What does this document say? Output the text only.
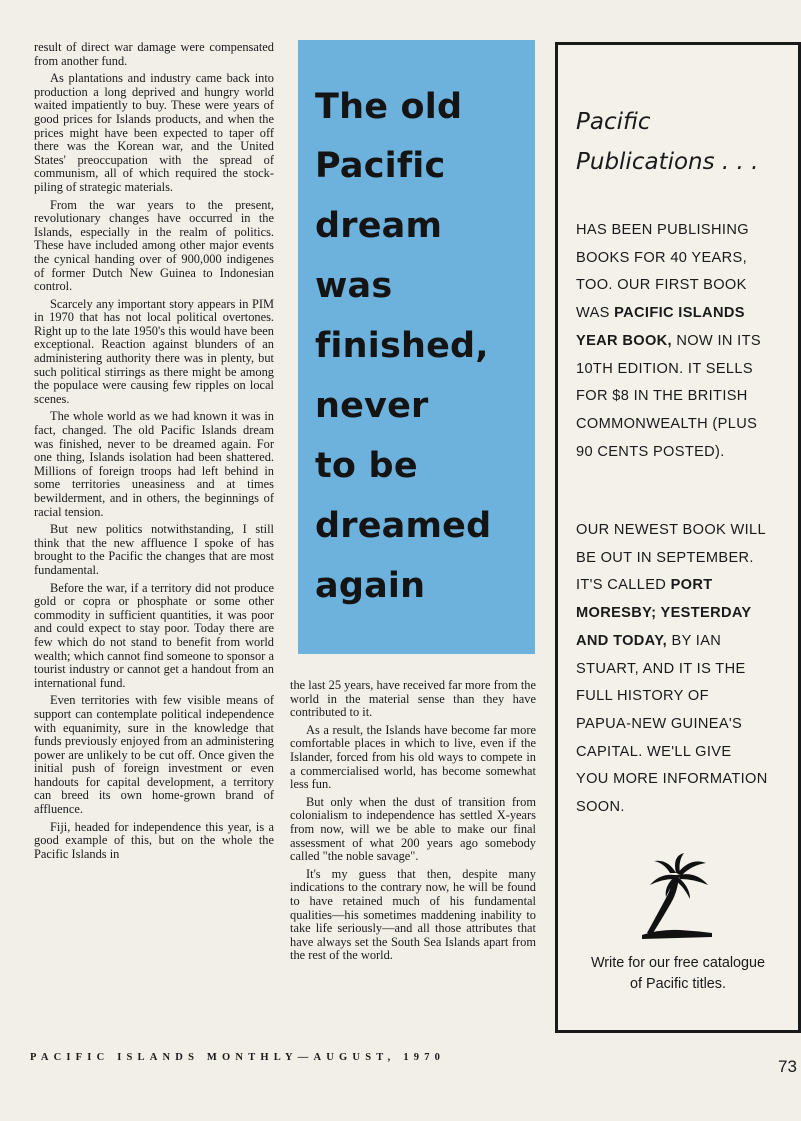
result of direct war damage were compensated from another fund.

As plantations and industry came back into production a long deprived and hungry world waited impatiently to buy. These were years of good prices for Islands products, and when the prices might have been expected to taper off there was the Korean war, and the United States' preoccupation with the spread of communism, all of which required the stock-piling of strategic materials.

From the war years to the present, revolutionary changes have occurred in the Islands, especially in the realm of politics. These have included among other major events the cynical handing over of 900,000 indigenes of former Dutch New Guinea to Indonesian control.

Scarcely any important story appears in PIM in 1970 that has not local political overtones. Right up to the late 1950's this would have been exceptional. Reaction against blunders of an administering authority there was in plenty, but such political stirrings as there might be among the populace were causing few ripples on local scenes.

The whole world as we had known it was in fact, changed. The old Pacific Islands dream was finished, never to be dreamed again. For one thing, Islands isolation had been shattered. Millions of foreign troops had left behind in some territories uneasiness and at times bewilderment, and in others, the beginnings of racial tension.

But new politics notwithstanding, I still think that the new affluence I spoke of has brought to the Pacific the changes that are most fundamental.

Before the war, if a territory did not produce gold or copra or phosphate or some other commodity in sufficient quantities, it was poor and could expect to stay poor. Today there are few which do not stand to benefit from world wealth; which cannot find someone to sponsor a tourist industry or cannot get a handout from an international fund.

Even territories with few visible means of support can contemplate political independence with equanimity, sure in the knowledge that funds previously enjoyed from an administering power are unlikely to be cut off. Once given the initial push of foreign investment or even handouts for capital development, a territory can breed its own home-grown brand of affluence.

Fiji, headed for independence this year, is a good example of this, but on the whole the Pacific Islands in

The old
Pacific
dream
was
finished,
never
to be
dreamed
again

the last 25 years, have received far more from the world in the material sense than they have contributed to it.

As a result, the Islands have become far more comfortable places in which to live, even if the Islander, forced from his old ways to compete in a commercialised world, has become somewhat less fun.

But only when the dust of transition from colonialism to independence has settled X-years from now, will we be able to make our final assessment of what 200 years ago somebody called "the noble savage".

It's my guess that then, despite many indications to the contrary now, he will be found to have retained much of his fundamental qualities—his sometimes maddening inability to take life seriously—and all those attributes that have always set the South Sea Islands apart from the rest of the world.

Pacific
Publications . . .
HAS BEEN PUBLISHING
BOOKS FOR 40 YEARS,
TOO. OUR FIRST BOOK
WAS PACIFIC ISLANDS
YEAR BOOK, NOW IN ITS
10TH EDITION. IT SELLS
FOR $8 IN THE BRITISH
COMMONWEALTH (PLUS
90 CENTS POSTED).
OUR NEWEST BOOK WILL
BE OUT IN SEPTEMBER.
IT'S CALLED PORT
MORESBY; YESTERDAY
AND TODAY, BY IAN
STUART, AND IT IS THE
FULL HISTORY OF
PAPUA-NEW GUINEA'S
CAPITAL. WE'LL GIVE
YOU MORE INFORMATION
SOON.
Write for our free catalogue
of Pacific titles.
PACIFIC ISLANDS MONTHLY—AUGUST, 1970	73
